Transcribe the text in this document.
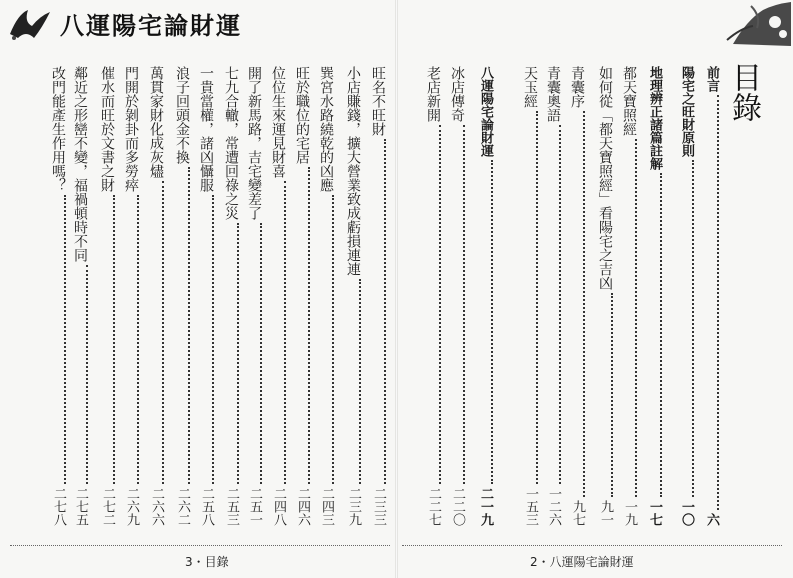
八運陽宅論財運
目錄
前言
六
陽宅之旺財原則
一〇
地理辨正諸篇註解
一七
都天寶照經
一九
如何從「都天寶照經」看陽宅之吉凶
九一
青囊序
九七
青囊奧語
一二六
天玉經
一五三
八運陽宅論財運
二一九
冰店傳奇
二二〇
老店新開
二二七
旺名不旺財
二三三
小店賺錢，擴大營業致成虧損連連
二三九
巽宮水路繞乾的凶應
二四三
旺於職位的宅居
二四六
位位生來運見財喜
二四八
開了新馬路，吉宅變差了
二五一
七九合轍，常遭回祿之災
二五三
一貴當權，諸凶懾服
二五八
浪子回頭金不換
二六二
萬貫家財化成灰燼
二六六
門開於剝卦而多勞瘁
二六九
催水而旺於文書之財
二七二
鄰近之形巒不變，福禍頓時不同
二七五
改門能產生作用嗎？
二七八
3・目錄	2・八運陽宅論財運
